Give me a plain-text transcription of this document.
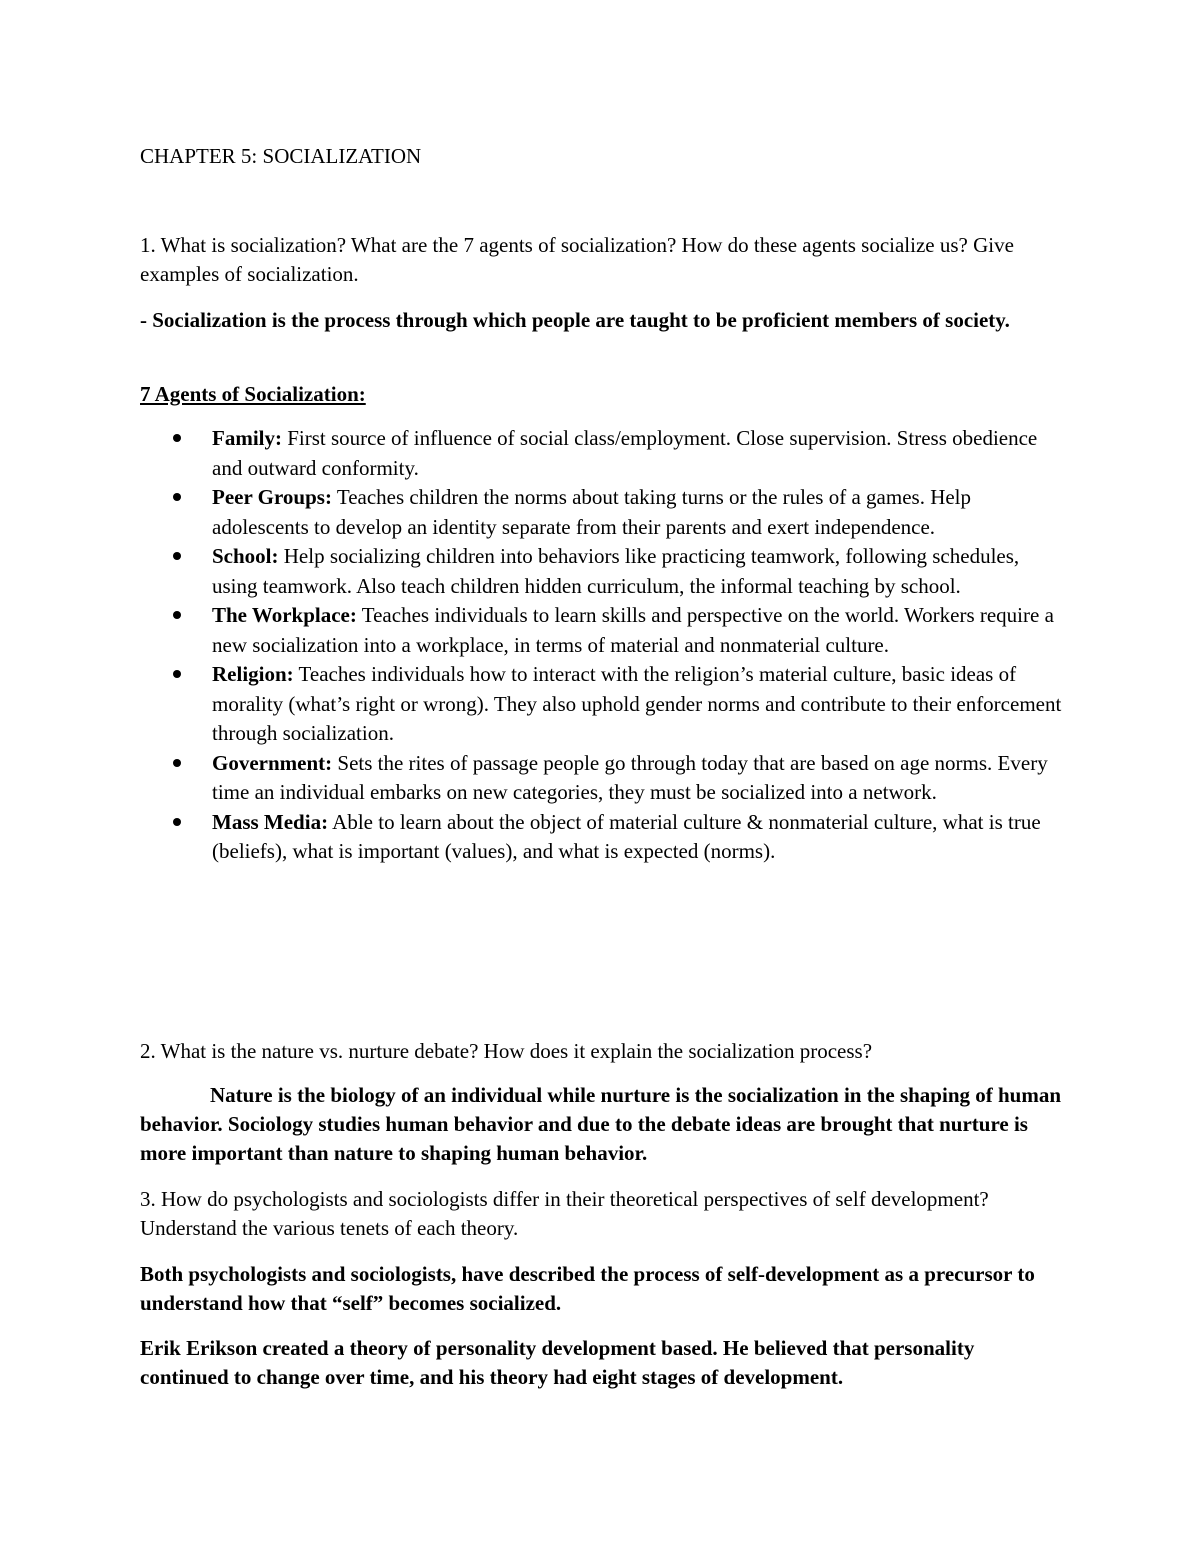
CHAPTER 5: SOCIALIZATION

1. What is socialization? What are the 7 agents of socialization? How do these agents socialize us? Give examples of socialization.

- Socialization is the process through which people are taught to be proficient members of society.

7 Agents of Socialization:

Family: First source of influence of social class/employment. Close supervision. Stress obedience and outward conformity.
Peer Groups: Teaches children the norms about taking turns or the rules of a games. Help adolescents to develop an identity separate from their parents and exert independence.
School: Help socializing children into behaviors like practicing teamwork, following schedules, using teamwork. Also teach children hidden curriculum, the informal teaching by school.
The Workplace: Teaches individuals to learn skills and perspective on the world. Workers require a new socialization into a workplace, in terms of material and nonmaterial culture.
Religion: Teaches individuals how to interact with the religion’s material culture, basic ideas of morality (what’s right or wrong). They also uphold gender norms and contribute to their enforcement through socialization.
Government: Sets the rites of passage people go through today that are based on age norms. Every time an individual embarks on new categories, they must be socialized into a network.
Mass Media: Able to learn about the object of material culture & nonmaterial culture, what is true (beliefs), what is important (values), and what is expected (norms).

2. What is the nature vs. nurture debate? How does it explain the socialization process?

Nature is the biology of an individual while nurture is the socialization in the shaping of human behavior. Sociology studies human behavior and due to the debate ideas are brought that nurture is more important than nature to shaping human behavior.

3. How do psychologists and sociologists differ in their theoretical perspectives of self development? Understand the various tenets of each theory.

Both psychologists and sociologists, have described the process of self-development as a precursor to understand how that “self” becomes socialized.

Erik Erikson created a theory of personality development based. He believed that personality continued to change over time, and his theory had eight stages of development.
